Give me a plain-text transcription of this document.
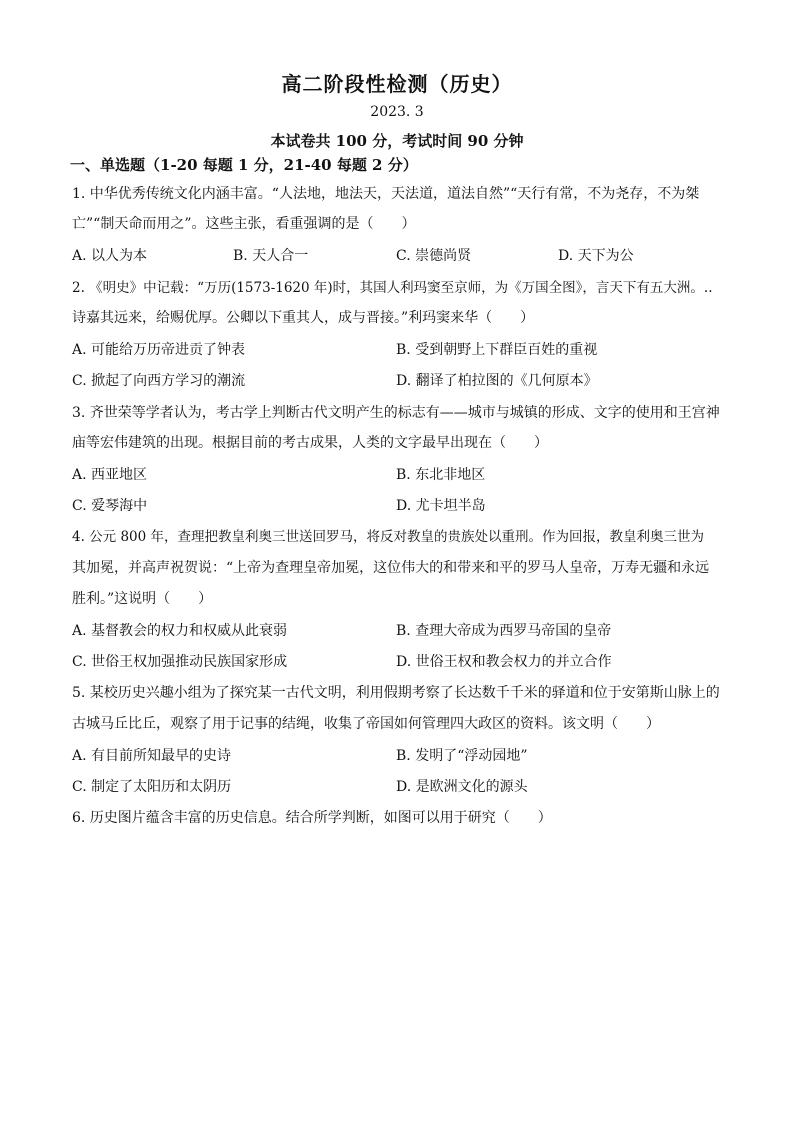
高二阶段性检测（历史）
2023. 3
本试卷共 100 分，考试时间 90 分钟
一、单选题（1-20 每题 1 分，21-40 每题 2 分）
1. 中华优秀传统文化内涵丰富。“人法地，地法天，天法道，道法自然”“天行有常，不为尧存，不为桀
亡”“制天命而用之”。这些主张，看重强调的是（　　）
A. 以人为本	B. 天人合一	C. 崇德尚贤	D. 天下为公
2. 《明史》中记载：“万历(1573-1620 年)时，其国人利玛窦至京师，为《万国全图》，言天下有五大洲。..
诗嘉其远来，给赐优厚。公卿以下重其人，成与晋接。”利玛窦来华（　　）
A. 可能给万历帝进贡了钟表	B. 受到朝野上下群臣百姓的重视
C. 掀起了向西方学习的潮流	D. 翻译了柏拉图的《几何原本》
3. 齐世荣等学者认为，考古学上判断古代文明产生的标志有——城市与城镇的形成、文字的使用和王宫神
庙等宏伟建筑的出现。根据目前的考古成果，人类的文字最早出现在（　　）
A. 西亚地区	B. 东北非地区
C. 爱琴海中	D. 尤卡坦半岛
4. 公元 800 年，查理把教皇利奥三世送回罗马，将反对教皇的贵族处以重刑。作为回报，教皇利奥三世为
其加冕，并高声祝贺说：“上帝为查理皇帝加冕，这位伟大的和带来和平的罗马人皇帝，万寿无疆和永远
胜利。”这说明（　　）
A. 基督教会的权力和权威从此衰弱	B. 查理大帝成为西罗马帝国的皇帝
C. 世俗王权加强推动民族国家形成	D. 世俗王权和教会权力的并立合作
5. 某校历史兴趣小组为了探究某一古代文明，利用假期考察了长达数千千米的驿道和位于安第斯山脉上的
古城马丘比丘，观察了用于记事的结绳，收集了帝国如何管理四大政区的资料。该文明（　　）
A. 有目前所知最早的史诗	B. 发明了“浮动园地”
C. 制定了太阳历和太阴历	D. 是欧洲文化的源头
6. 历史图片蕴含丰富的历史信息。结合所学判断，如图可以用于研究（　　）
